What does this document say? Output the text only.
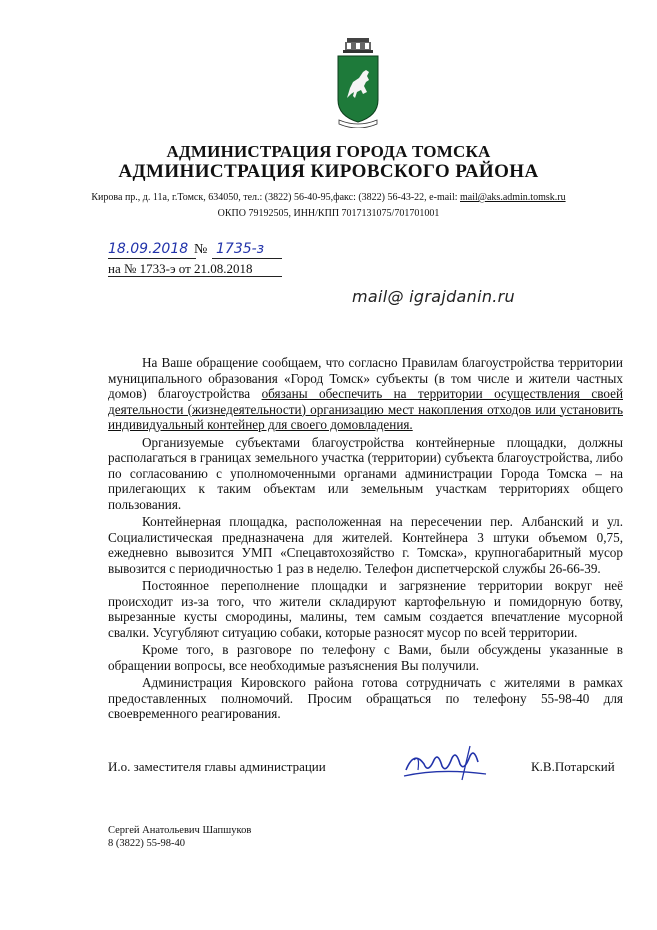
АДМИНИСТРАЦИЯ ГОРОДА ТОМСКА
АДМИНИСТРАЦИЯ КИРОВСКОГО РАЙОНА
Кирова пр., д. 11а, г.Томск, 634050, тел.: (3822) 56-40-95,факс: (3822) 56-43-22, e-mail: mail@aks.admin.tomsk.ru
ОКПО 79192505, ИНН/КПП 7017131075/701701001
18.09.2018 № 1735-з
на № 1733-э от 21.08.2018
mail@ igrajdanin.ru

На Ваше обращение сообщаем, что согласно Правилам благоустройства территории муниципального образования «Город Томск» субъекты (в том числе и жители частных домов) благоустройства обязаны обеспечить на территории осуществления своей деятельности (жизнедеятельности) организацию мест накопления отходов или установить индивидуальный контейнер для своего домовладения.

Организуемые субъектами благоустройства контейнерные площадки, должны располагаться в границах земельного участка (территории) субъекта благоустройства, либо по согласованию с уполномоченными органами администрации Города Томска – на прилегающих к таким объектам или земельным участкам территориях общего пользования.

Контейнерная площадка, расположенная на пересечении пер. Албанский и ул. Социалистическая предназначена для жителей. Контейнера 3 штуки объемом 0,75, ежедневно вывозится УМП «Спецавтохозяйство г. Томска», крупногабаритный мусор вывозится с периодичностью 1 раз в неделю. Телефон диспетчерской службы 26-66-39.

Постоянное переполнение площадки и загрязнение территории вокруг неё происходит из-за того, что жители складируют картофельную и помидорную ботву, вырезанные кусты смородины, малины, тем самым создается впечатление мусорной свалки. Усугубляют ситуацию собаки, которые разносят мусор по всей территории.

Кроме того, в разговоре по телефону с Вами, были обсуждены указанные в обращении вопросы, все необходимые разъяснения Вы получили.

Администрация Кировского района готова сотрудничать с жителями в рамках предоставленных полномочий. Просим обращаться по телефону 55-98-40 для своевременного реагирования.

И.о. заместителя главы администрации	К.В.Потарский
Сергей Анатольевич Шапшуков
8 (3822) 55-98-40
